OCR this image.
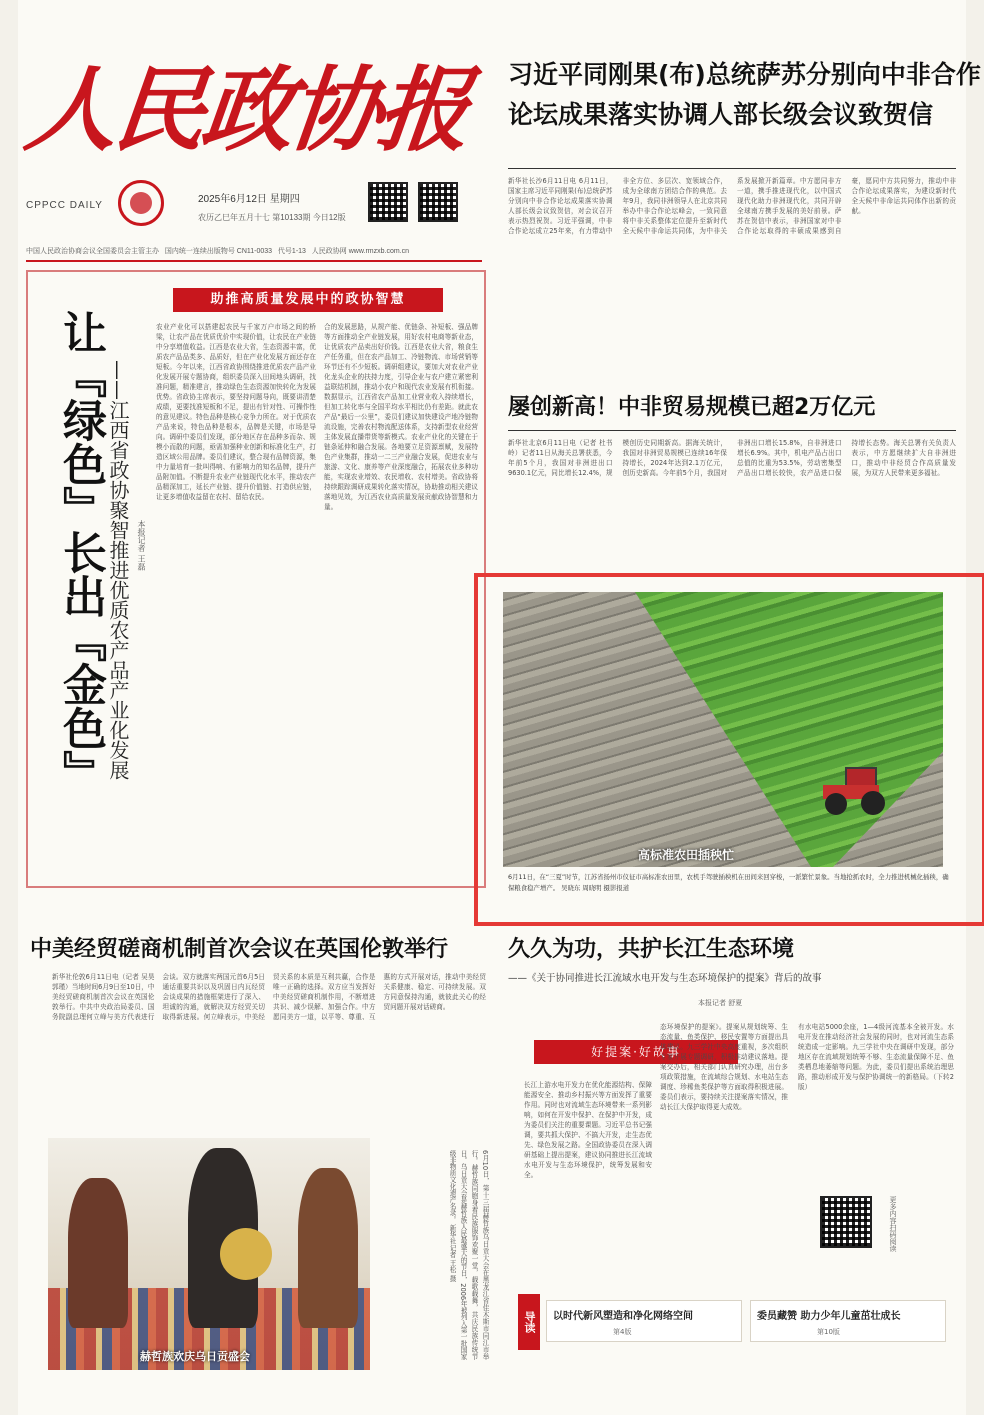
人民政协报
CPPCC DAILY
2025年6月12日 星期四
农历乙巳年五月十七 第10133期 今日12版
中国人民政治协商会议全国委员会主管主办 国内统一连续出版物号 CN11-0033 代号1-13 人民政协网 www.rmzxb.com.cn
习近平同刚果(布)总统萨苏分别向中非合作
论坛成果落实协调人部长级会议致贺信
新华社长沙6月11日电 6月11日，国家主席习近平同刚果(布)总统萨苏分别向中非合作论坛成果落实协调人部长级会议致贺信，对会议召开表示热烈祝贺。习近平强调，中非合作论坛成立25年来，有力带动中非全方位、多层次、宽领域合作，成为全球南方团结合作的典范。去年9月，我同非洲领导人在北京共同举办中非合作论坛峰会，一致同意将中非关系整体定位提升至新时代全天候中非命运共同体，为中非关系发展掀开新篇章。中方愿同非方一道，携手推进现代化，以中国式现代化助力非洲现代化，共同开辟全球南方携手发展的美好前景。萨苏在贺信中表示，非洲国家对中非合作论坛取得的丰硕成果感到自豪，愿同中方共同努力，推动中非合作论坛成果落实，为建设新时代全天候中非命运共同体作出新的贡献。
屡创新高！中非贸易规模已超2万亿元
新华社北京6月11日电（记者 杜书岭）记者11日从海关总署获悉，今年前5个月，我国对非洲进出口9630.1亿元，同比增长12.4%，规模创历史同期新高。据海关统计，我国对非洲贸易规模已连续16年保持增长，2024年达到2.1万亿元，创历史新高。今年前5个月，我国对非洲出口增长15.8%，自非洲进口增长6.9%。其中，机电产品占出口总值的比重为53.5%，劳动密集型产品出口增长较快，农产品进口保持增长态势。海关总署有关负责人表示，中方愿继续扩大自非洲进口，推动中非经贸合作高质量发展，为双方人民带来更多福祉。
助推高质量发展中的政协智慧
让『绿色』长出『金色』 ——江西省政协聚智推进优质农产品产业化发展 本报记者 王磊
农业产业化可以搭建起农民与千家万户市场之间的桥梁，让农产品在优质优价中实现价值，让农民在产业链中分享增值收益。江西是农业大省，生态资源丰富，优质农产品品类多、品质好，但在产业化发展方面还存在短板。今年以来，江西省政协围绕推进优质农产品产业化发展开展专题协商，组织委员深入田间地头调研，找准问题，精准建言，推动绿色生态资源加快转化为发展优势。省政协主席表示，要坚持问题导向，既要讲清楚成绩，更要找准短板和不足，提出有针对性、可操作性的意见建议。特色品种是核心竞争力所在。对于优质农产品来说，特色品种是根本，品牌是关键，市场是导向。调研中委员们发现，部分地区存在品种多而杂、规模小而散的问题，亟需加强种业创新和标准化生产，打造区域公用品牌。委员们建议，整合现有品牌资源，集中力量培育一批叫得响、有影响力的知名品牌，提升产品附加值。不断提升农业产业链现代化水平，推动农产品精深加工，延长产业链、提升价值链、打造供应链，让更多增值收益留在农村、留给农民。
合的发展思路，从规产能、优链条、补短板、强品牌等方面推动全产业链发展，用好农村电商等新业态，让优质农产品卖出好价钱。江西是农业大省，粮食生产任务重，但在农产品加工、冷链物流、市场营销等环节还有不少短板。调研组建议，要加大对农业产业化龙头企业的扶持力度，引导企业与农户建立紧密利益联结机制，推动小农户和现代农业发展有机衔接。数据显示，江西省农产品加工业营业收入持续增长，但加工转化率与全国平均水平相比仍有差距。就此农产品“最后一公里”，委员们建议加快建设产地冷链物流设施，完善农村物流配送体系，支持新型农业经营主体发展直播带货等新模式。农业产业化的关键在于链条延伸和融合发展。各地要立足资源禀赋，发展特色产业集群，推动一二三产业融合发展，促进农业与旅游、文化、康养等产业深度融合，拓展农业多种功能，实现农业增效、农民增收、农村增美。省政协将持续跟踪调研成果转化落实情况，协助推动相关建议落地见效，为江西农业高质量发展贡献政协智慧和力量。
高标准农田插秧忙
6月11日，在“三夏”时节，江苏省扬州市仪征市高标准农田里，农机手驾驶插秧机在田间来回穿梭，一派繁忙景象。当地抢抓农时，全力推进机械化插秧，确保粮食稳产增产。 吴晓东 周晓明 摄影报道
中美经贸磋商机制首次会议在英国伦敦举行
新华社伦敦6月11日电（记者 吴昊 郭瑾）当地时间6月9日至10日，中美经贸磋商机制首次会议在英国伦敦举行。中共中央政治局委员、国务院副总理何立峰与美方代表进行会谈。双方就落实两国元首6月5日通话重要共识以及巩固日内瓦经贸会谈成果的措施框架进行了深入、坦诚的沟通，就解决双方经贸关切取得新进展。何立峰表示，中美经贸关系的本质是互利共赢，合作是唯一正确的选择。双方应当发挥好中美经贸磋商机制作用，不断增进共识、减少误解、加强合作。中方愿同美方一道，以平等、尊重、互惠的方式开展对话，推动中美经贸关系健康、稳定、可持续发展。双方同意保持沟通，就彼此关心的经贸问题开展对话磋商。
久久为功，共护长江生态环境
——《关于协同推进长江流域水电开发与生态环境保护的提案》背后的故事
本报记者 舒夏
好提案·好故事
长江上游水电开发力在优化能源结构、保障能源安全、推动乡村振兴等方面发挥了重要作用。同时也对流域生态环境带来一系列影响，如何在开发中保护、在保护中开发，成为委员们关注的重要课题。习近平总书记强调，要共抓大保护、不搞大开发，走生态优先、绿色发展之路。全国政协委员在深入调研基础上提出提案，建议协同推进长江流域水电开发与生态环境保护，统筹发展和安全。
态环境保护的提案》。提案从规划统筹、生态流量、鱼类保护、移民安置等方面提出具体建议。九三学社中央高度重视，多次组织专家开展专题调研，积极推动建议落地。提案交办后，相关部门认真研究办理，出台多项政策措施，在流域综合规划、水电站生态调度、珍稀鱼类保护等方面取得积极进展。委员们表示，要持续关注提案落实情况，推动长江大保护取得更大成效。
有水电站5000余座，1—4级河流基本全被开发。水电开发在推动经济社会发展的同时，也对河流生态系统造成一定影响。九三学社中央在调研中发现，部分地区存在流域规划统筹不够、生态流量保障不足、鱼类栖息地萎缩等问题。为此，委员们提出系统治理思路，推动形成开发与保护协调统一的新格局。（下转2版）
更多内容扫码阅读
赫哲族欢庆乌日贡盛会	6月10日，第十三届赫哲族乌日贡大会在黑龙江省佳木斯市同江市举行。赫哲族同胞身着民族服饰欢聚一堂，载歌载舞，共庆民族传统节日。乌日贡大会是赫哲族人民最盛大的节日，2006年被列入第一批国家级非物质文化遗产名录。 新华社记者 王松 摄
导读	以时代新风塑造和净化网络空间
第4版
委员藏赞 助力少年儿童茁壮成长
第10版
